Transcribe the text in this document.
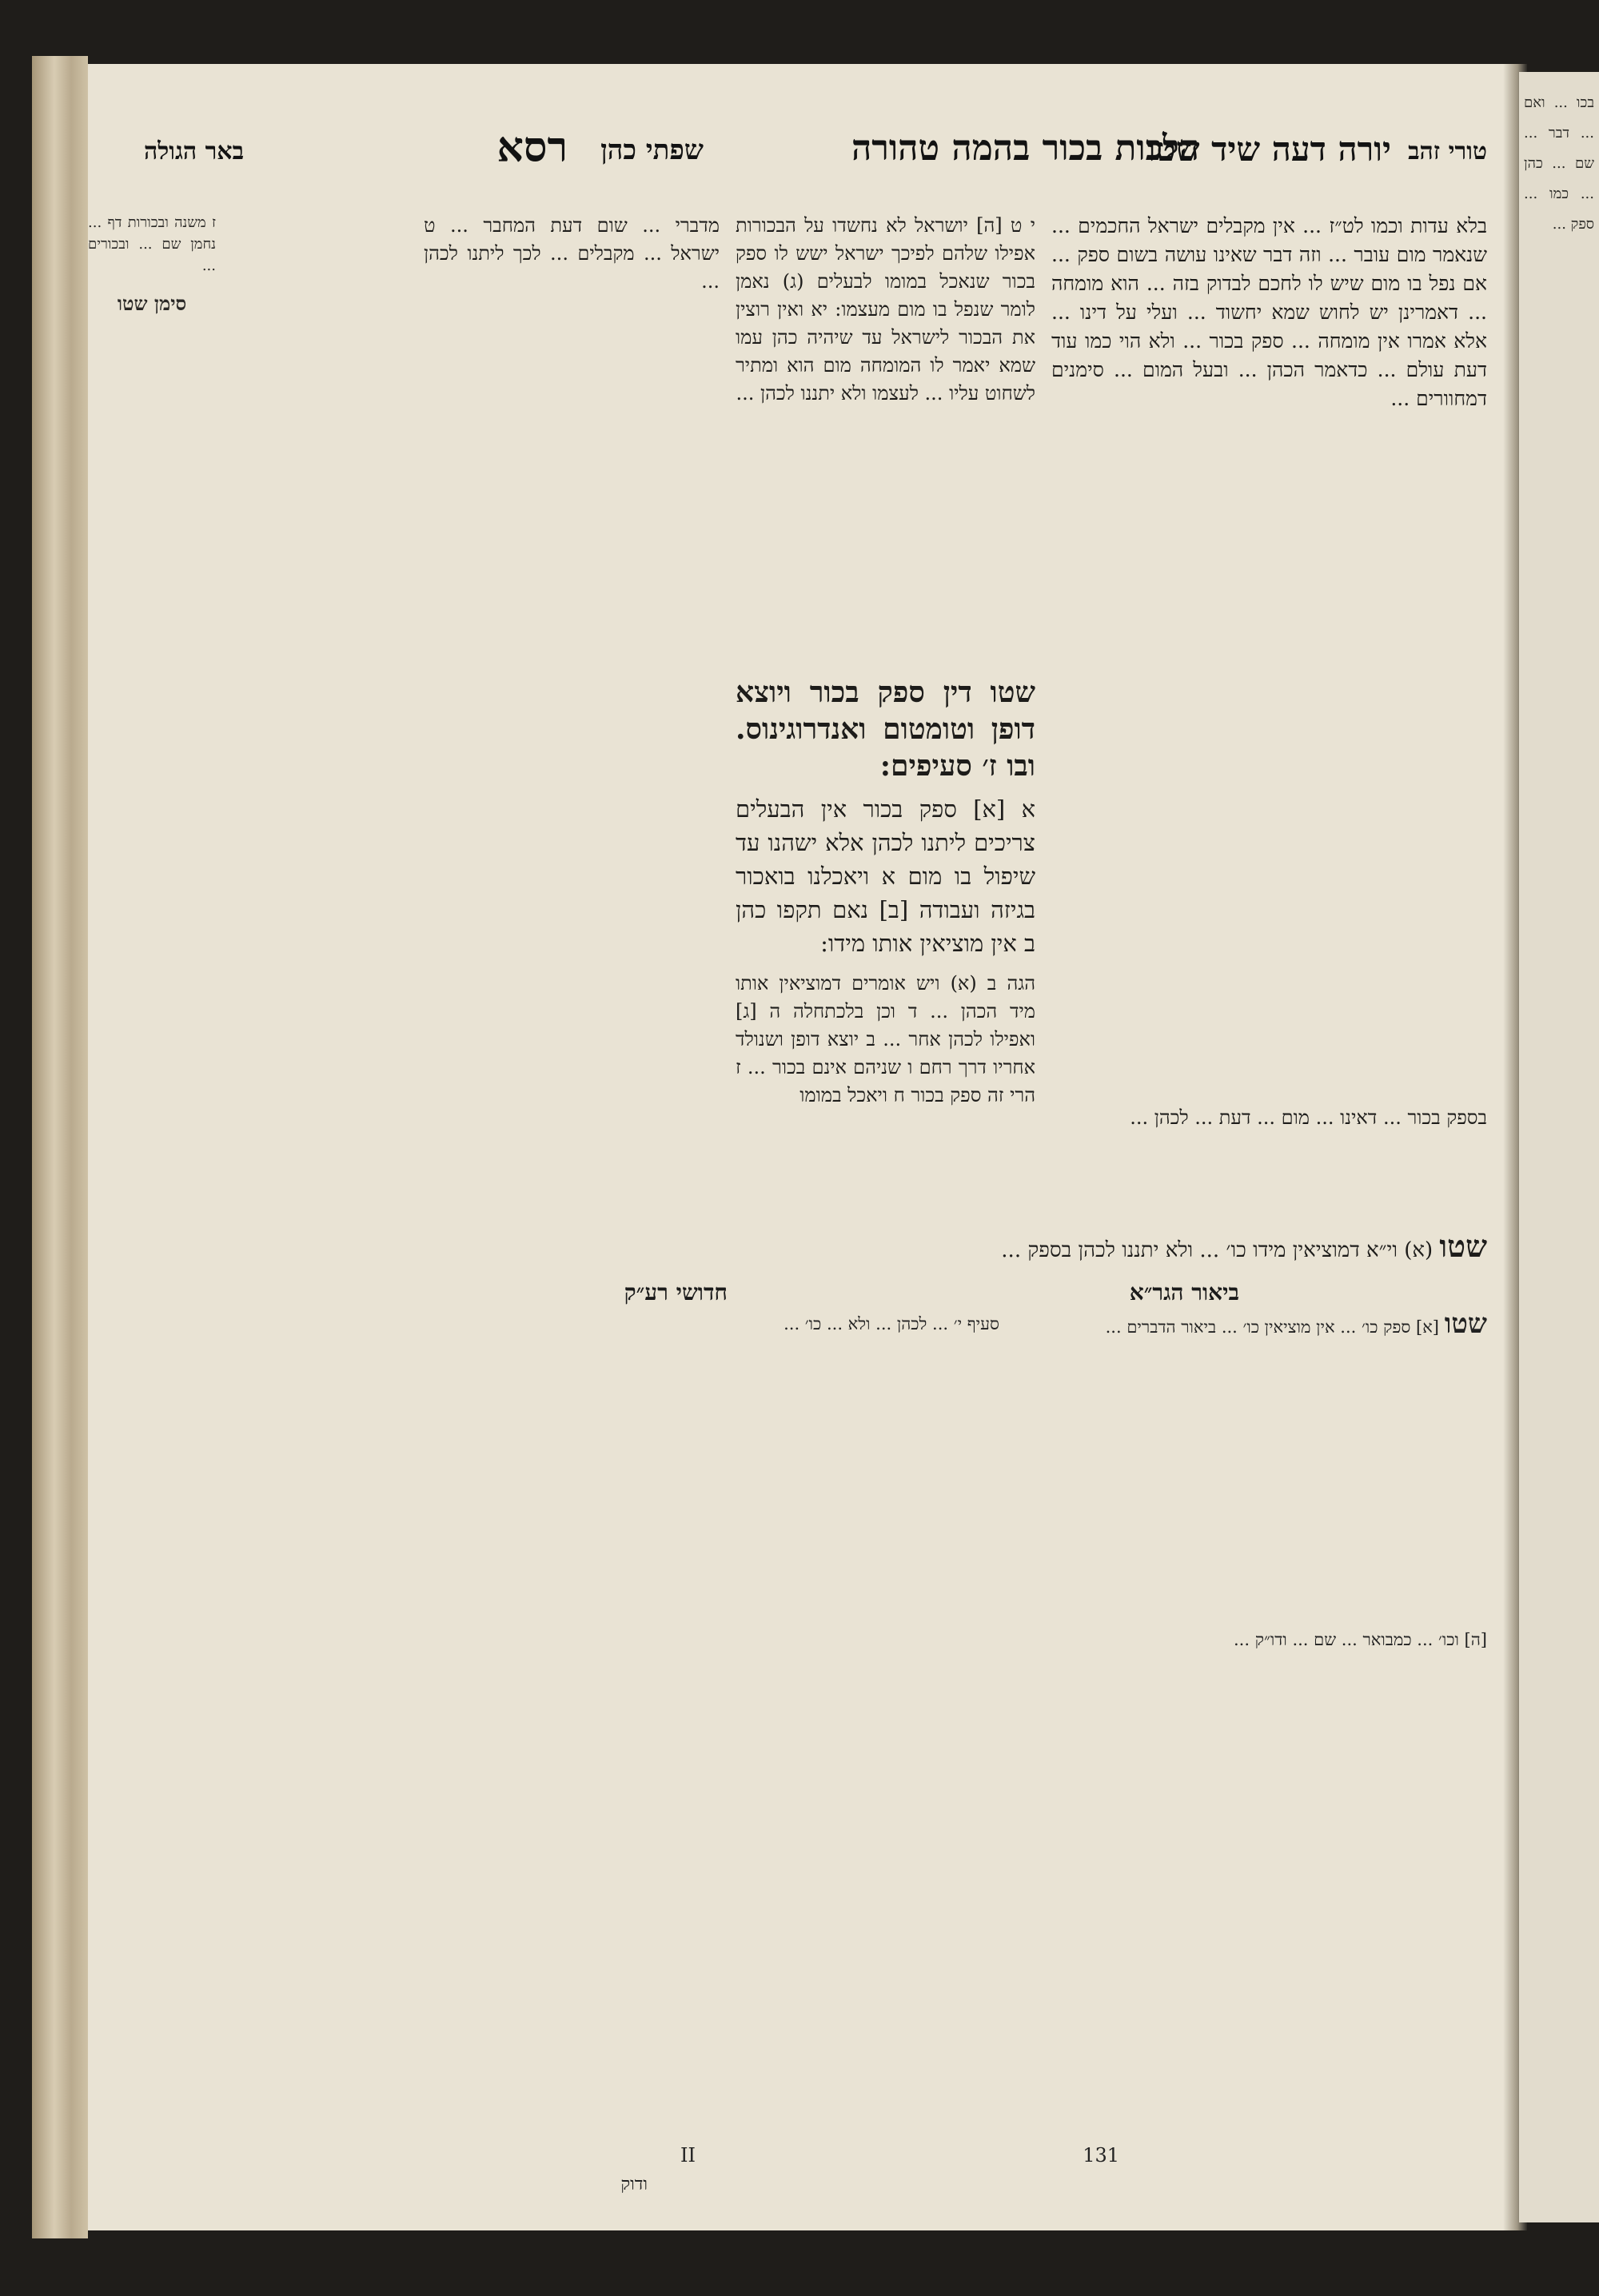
טורי זהב
יורה דעה שיד שטו
הלכות בכור בהמה טהורה
שפתי כהן
רסא
באר הגולה
בלא עדות וכמו לט״ז ... אין מקבלים ישראל החכמים ... שנאמר מום עובר ... וזה דבר שאינו עושה בשום ספק ... אם נפל בו מום שיש לו לחכם לבדוק בזה ... הוא מומחה ... דאמרינן יש לחוש שמא יחשוד ... ועלי על דינו ... אלא אמרו אין מומחה ... ספק בכור ... ולא הוי כמו עוד דעת עולם ... כדאמר הכהן ... ובעל המום ... סימנים דמחוורים ...
י ט [ה] יושראל לא נחשדו על הבכורות אפילו שלהם לפיכך ישראל ישש לו ספק בכור שנאכל במומו לבעלים (ג) נאמן לומר שנפל בו מום מעצמו: יא ואין רוצין את הבכור לישראל עד שיהיה כהן עמו שמא יאמר לו המומחה מום הוא ומתיר לשחוט עליו ... לעצמו ולא יתננו לכהן ...
מדברי ... שום דעת המחבר ... ט ישראל ... מקבלים ... לכך ליתנו לכהן ...
שטו דין ספק בכור ויוצא דופן וטומטום ואנדרוגינוס. ובו ז׳ סעיפים:
א [א] ספק בכור אין הבעלים צריכים ליתנו לכהן אלא ישהנו עד שיפול בו מום א ויאכלנו בואכור בגיזה ועבודה [ב] נאם תקפו כהן ב אין מוציאין אותו מידו:
הגה ב (א) ויש אומרים דמוציאין אותו מיד הכהן ... ד וכן בלכתחלה ה [ג] ואפילו לכהן אחר ... ב יוצא דופן ושנולד אחריו דרך רחם ו שניהם אינם בכור ... ז הרי זה ספק בכור ח ויאכל במומו
ז משנה ובכורות דף ... נחמן שם ... ובכורים ...
סימן שטו
בספק בכור ... דאינו ... מום ... דעת ... לכהן ...
שטו (א) וי״א דמוציאין מידו כו׳ ... ולא יתננו לכהן בספק ...
ביאור הגר״א
חדושי רע״ק
שטו [א] ספק כו׳ ... אין מוציאין כו׳ ... ביאור הדברים ...
סעיף י׳ ... לכהן ... ולא ... כו׳ ...
[ה] וכו׳ ... כמבואר ... שם ... ודו״ק ...
131
II
ודוק
בכו ... ואם ... דבר ... שם ... כהן ... כמו ... ספק ...
